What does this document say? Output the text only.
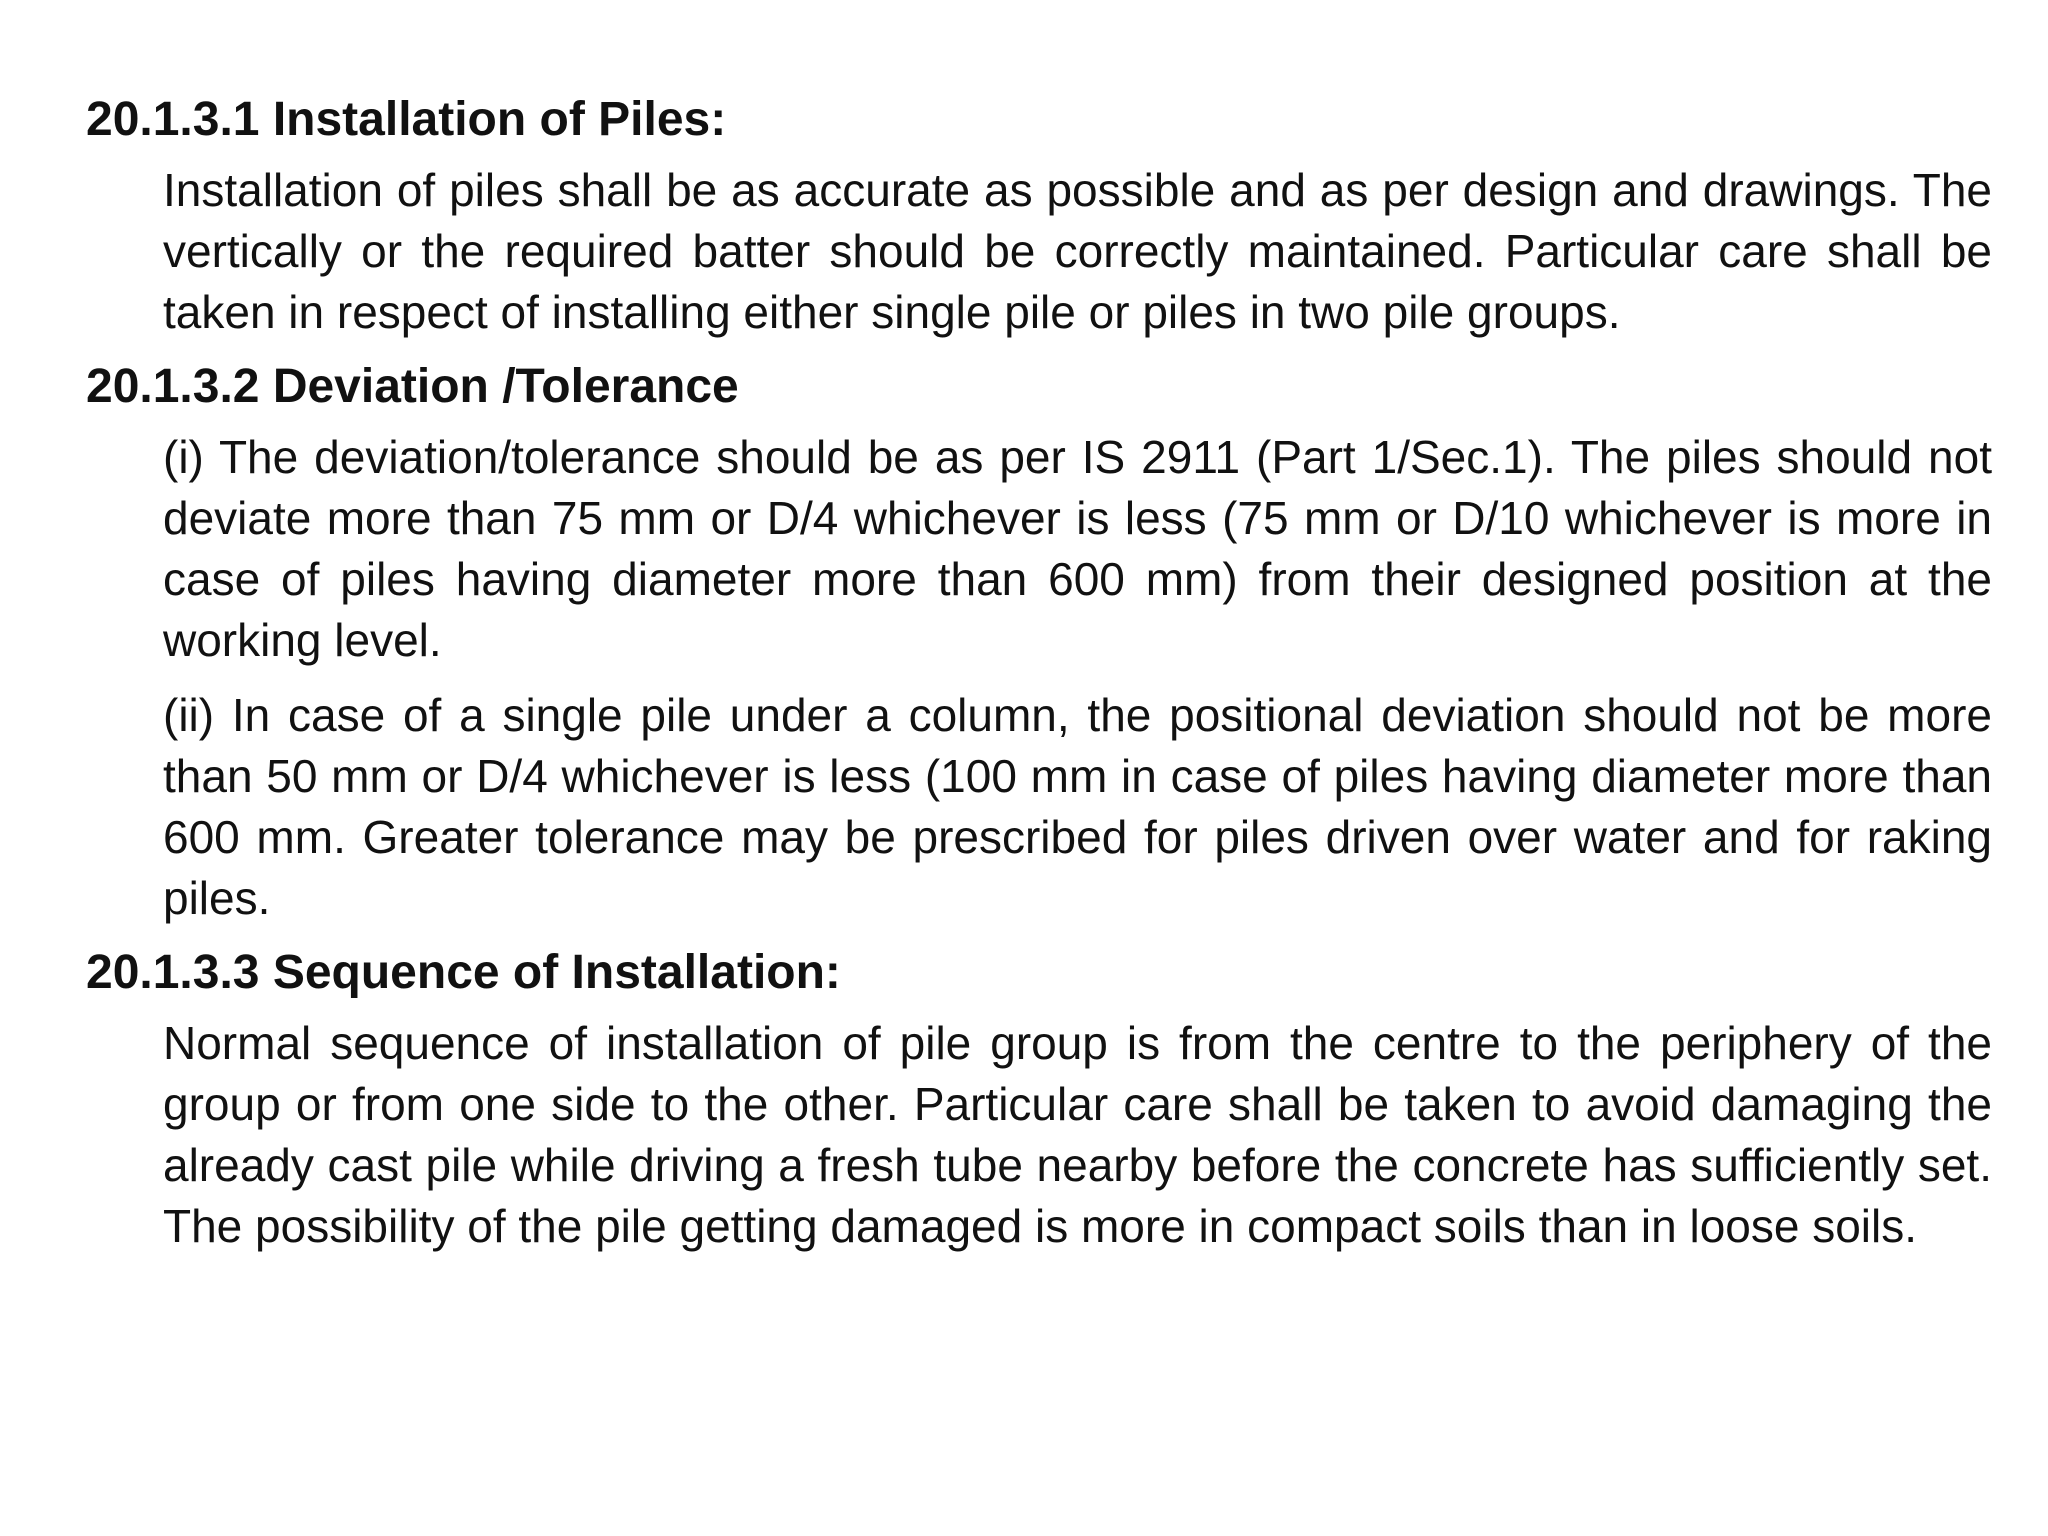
20.1.3.1 Installation of Piles:

Installation of piles shall be as accurate as possible and as per design and drawings. The vertically or the required batter should be correctly maintained. Particular care shall be taken in respect of installing either single pile or piles in two pile groups.

20.1.3.2 Deviation /Tolerance

(i) The deviation/tolerance should be as per IS 2911 (Part 1/Sec.1). The piles should not deviate more than 75 mm or D/4 whichever is less (75 mm or D/10 whichever is more in case of piles having diameter more than 600 mm) from their designed position at the working level.

(ii) In case of a single pile under a column, the positional deviation should not be more than 50 mm or D/4 whichever is less (100 mm in case of piles having diameter more than 600 mm. Greater tolerance may be prescribed for piles driven over water and for raking piles.

20.1.3.3 Sequence of Installation:

Normal sequence of installation of pile group is from the centre to the periphery of the group or from one side to the other. Particular care shall be taken to avoid damaging the already cast pile while driving a fresh tube nearby before the concrete has sufficiently set. The possibility of the pile getting damaged is more in compact soils than in loose soils.
